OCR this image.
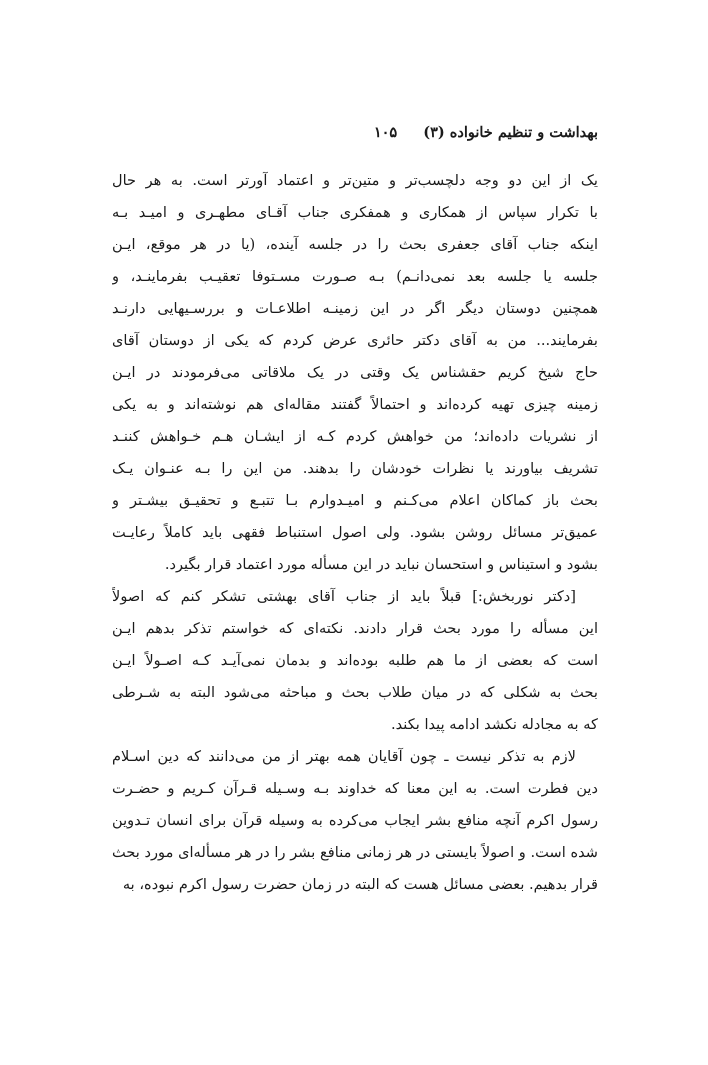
بهداشت و تنظیم خانواده (۳)
۱۰۵
یک از این دو وجه دلچسب‌تر و متین‌تر و اعتماد آورتر است. به هر حال
با تکرار سپاس از همکاری و همفکری جناب آقـای مطهـری و امیـد بـه
اینکه جناب آقای جعفری بحث را در جلسه آینده، (یا در هر موقع، ایـن
جلسه یا جلسه بعد نمی‌دانـم) بـه صـورت مسـتوفا تعقیـب بفرماینـد، و
همچنین دوستان دیگر اگر در این زمینـه اطلاعـات و بررسـیهایی دارنـد
بفرمایند... من به آقای دکتر حائری عرض کردم که یکی از دوستان آقای
حاج شیخ کریم حقشناس یک وقتی در یک ملاقاتی می‌فرمودند در ایـن
زمینه چیزی تهیه کرده‌اند و احتمالاً گفتند مقاله‌ای هم نوشته‌اند و به یکی
از نشریات داده‌اند؛ من خواهش کردم کـه از ایشـان هـم خـواهش کننـد
تشریف بیاورند یا نظرات خودشان را بدهند. من این را بـه عنـوان یـک
بحث باز کماکان اعلام می‌کـنم و امیـدوارم بـا تتبـع و تحقیـق بیشـتر و
عمیق‌تر مسائل روشن بشود. ولی اصول استنباط فقهی باید کاملاً رعایـت
بشود و استیناس و استحسان نباید در این مسأله مورد اعتماد قرار بگیرد.
[دکتر نوربخش:] قبلاً باید از جناب آقای بهشتی تشکر کنم که اصولاً
این مسأله را مورد بحث قرار دادند. نکته‌ای که خواستم تذکر بدهم ایـن
است که بعضی از ما هم طلبه بوده‌اند و بدمان نمی‌آیـد کـه اصـولاً ایـن
بحث به شکلی که در میان طلاب بحث و مباحثه می‌شود البته به شـرطی
که به مجادله نکشد ادامه پیدا بکند.
لازم به تذکر نیست ـ چون آقایان همه بهتر از من می‌دانند که دین اسـلام
دین فطرت است. به این معنا که خداوند بـه وسـیله قـرآن کـریم و حضـرت
رسول اکرم آنچه منافع بشر ایجاب می‌کرده به وسیله قرآن برای انسان تـدوین
شده است. و اصولاً بایستی در هر زمانی منافع بشر را در هر مسأله‌ای مورد بحث
قرار بدهیم. بعضی مسائل هست که البته در زمان حضرت رسول اکرم نبوده، به
